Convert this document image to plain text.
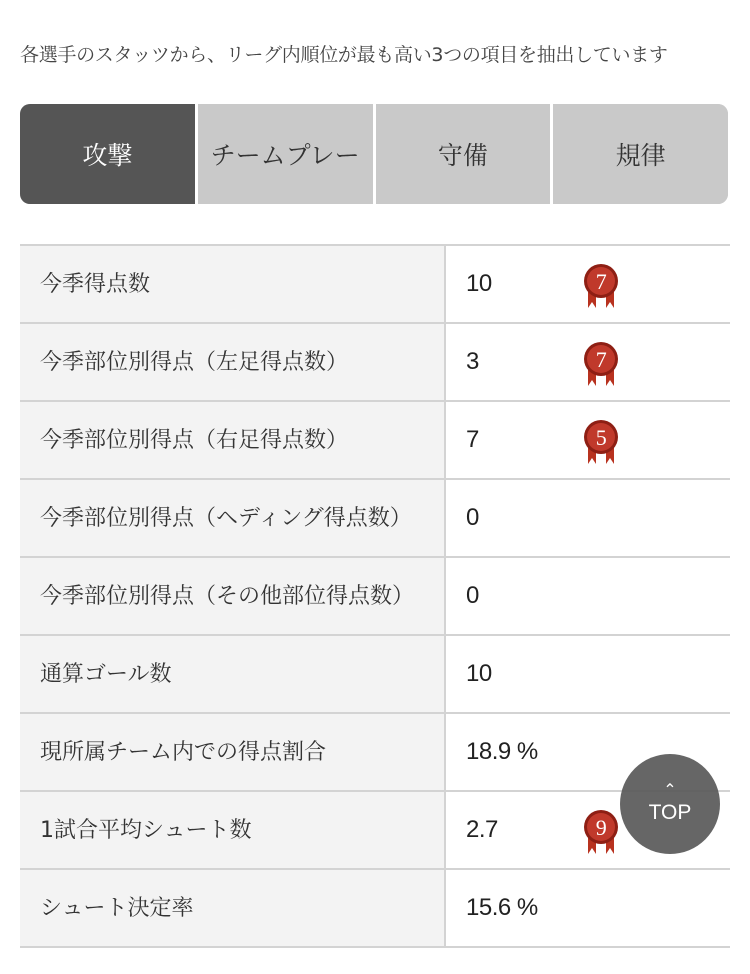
各選手のスタッツから、リーグ内順位が最も高い3つの項目を抽出しています

攻撃	チームプレー	守備	規律
今季得点数	10	7
今季部位別得点（左足得点数）	3	7
今季部位別得点（右足得点数）	7	5
今季部位別得点（ヘディング得点数）	0
今季部位別得点（その他部位得点数）	0
通算ゴール数	10
現所属チーム内での得点割合	18.9 %
1試合平均シュート数	2.7	9
シュート決定率	15.6 %
⌃
TOP
